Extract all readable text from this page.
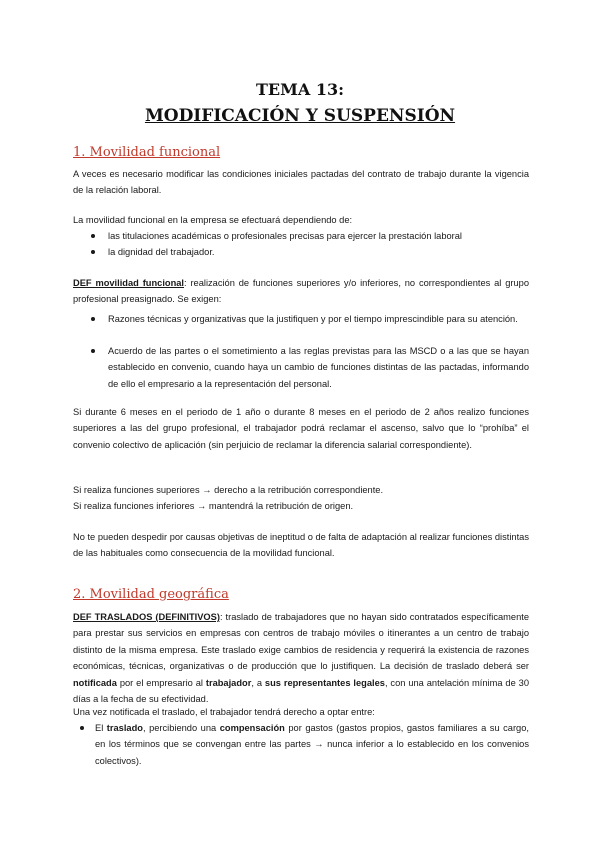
TEMA 13:
MODIFICACIÓN Y SUSPENSIÓN
1. Movilidad funcional

A veces es necesario modificar las condiciones iniciales pactadas del contrato de trabajo durante la vigencia de la relación laboral.

La movilidad funcional en la empresa se efectuará dependiendo de:

las titulaciones académicas o profesionales precisas para ejercer la prestación laboral

la dignidad del trabajador.

DEF movilidad funcional: realización de funciones superiores y/o inferiores, no correspondientes al grupo profesional preasignado. Se exigen:

Razones técnicas y organizativas que la justifiquen y por el tiempo imprescindible para su atención.

Acuerdo de las partes o el sometimiento a las reglas previstas para las MSCD o a las que se hayan establecido en convenio, cuando haya un cambio de funciones distintas de las pactadas, informando de ello el empresario a la representación del personal.

Si durante 6 meses en el periodo de 1 año o durante 8 meses en el periodo de 2 años realizo funciones superiores a las del grupo profesional, el trabajador podrá reclamar el ascenso, salvo que lo “prohíba” el convenio colectivo de aplicación (sin perjuicio de reclamar la diferencia salarial correspondiente).

Si realiza funciones superiores → derecho a la retribución correspondiente.

Si realiza funciones inferiores → mantendrá la retribución de origen.

No te pueden despedir por causas objetivas de ineptitud o de falta de adaptación al realizar funciones distintas de las habituales como consecuencia de la movilidad funcional.

2. Movilidad geográfica

DEF TRASLADOS (DEFINITIVOS): traslado de trabajadores que no hayan sido contratados específicamente para prestar sus servicios en empresas con centros de trabajo móviles o itinerantes a un centro de trabajo distinto de la misma empresa. Este traslado exige cambios de residencia y requerirá la existencia de razones económicas, técnicas, organizativas o de producción que lo justifiquen. La decisión de traslado deberá ser notificada por el empresario al trabajador, a sus representantes legales, con una antelación mínima de 30 días a la fecha de su efectividad.

Una vez notificada el traslado, el trabajador tendrá derecho a optar entre:

El traslado, percibiendo una compensación por gastos (gastos propios, gastos familiares a su cargo, en los términos que se convengan entre las partes → nunca inferior a lo establecido en los convenios colectivos).
